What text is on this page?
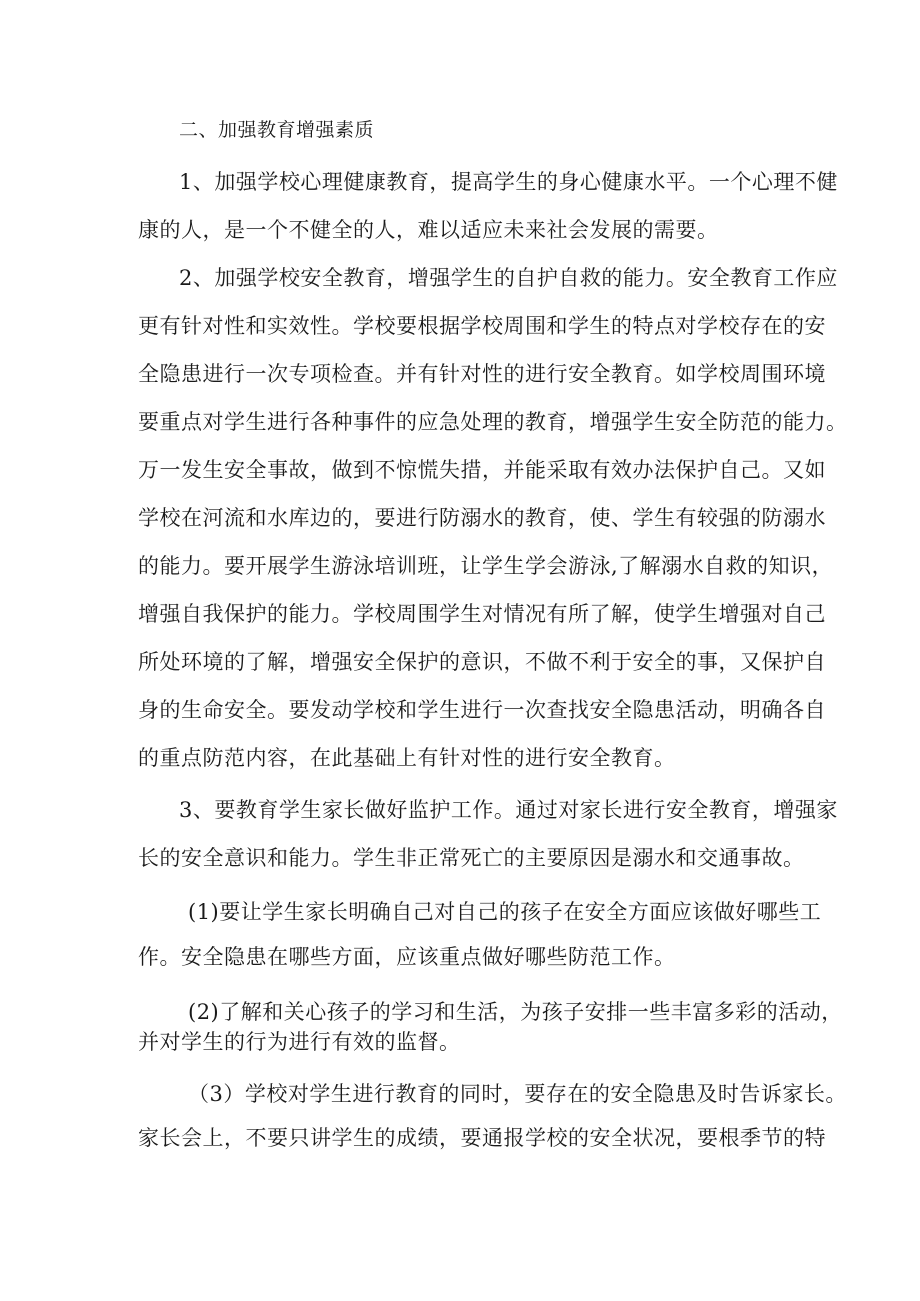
二、加强教育增强素质
1、加强学校心理健康教育，提高学生的身心健康水平。一个心理不健
康的人，是一个不健全的人，难以适应未来社会发展的需要。
2、加强学校安全教育，增强学生的自护自救的能力。安全教育工作应
更有针对性和实效性。学校要根据学校周围和学生的特点对学校存在的安
全隐患进行一次专项检查。并有针对性的进行安全教育。如学校周围环境
要重点对学生进行各种事件的应急处理的教育，增强学生安全防范的能力。
万一发生安全事故，做到不惊慌失措，并能采取有效办法保护自己。又如
学校在河流和水库边的，要进行防溺水的教育，使、学生有较强的防溺水
的能力。要开展学生游泳培训班，让学生学会游泳,了解溺水自救的知识，
增强自我保护的能力。学校周围学生对情况有所了解，使学生增强对自己
所处环境的了解，增强安全保护的意识，不做不利于安全的事，又保护自
身的生命安全。要发动学校和学生进行一次查找安全隐患活动，明确各自
的重点防范内容，在此基础上有针对性的进行安全教育。
3、要教育学生家长做好监护工作。通过对家长进行安全教育，增强家
长的安全意识和能力。学生非正常死亡的主要原因是溺水和交通事故。
(1)要让学生家长明确自己对自己的孩子在安全方面应该做好哪些工
作。安全隐患在哪些方面，应该重点做好哪些防范工作。
(2)了解和关心孩子的学习和生活，为孩子安排一些丰富多彩的活动，
并对学生的行为进行有效的监督。
（3）学校对学生进行教育的同时，要存在的安全隐患及时告诉家长。
家长会上，不要只讲学生的成绩，要通报学校的安全状况，要根季节的特
